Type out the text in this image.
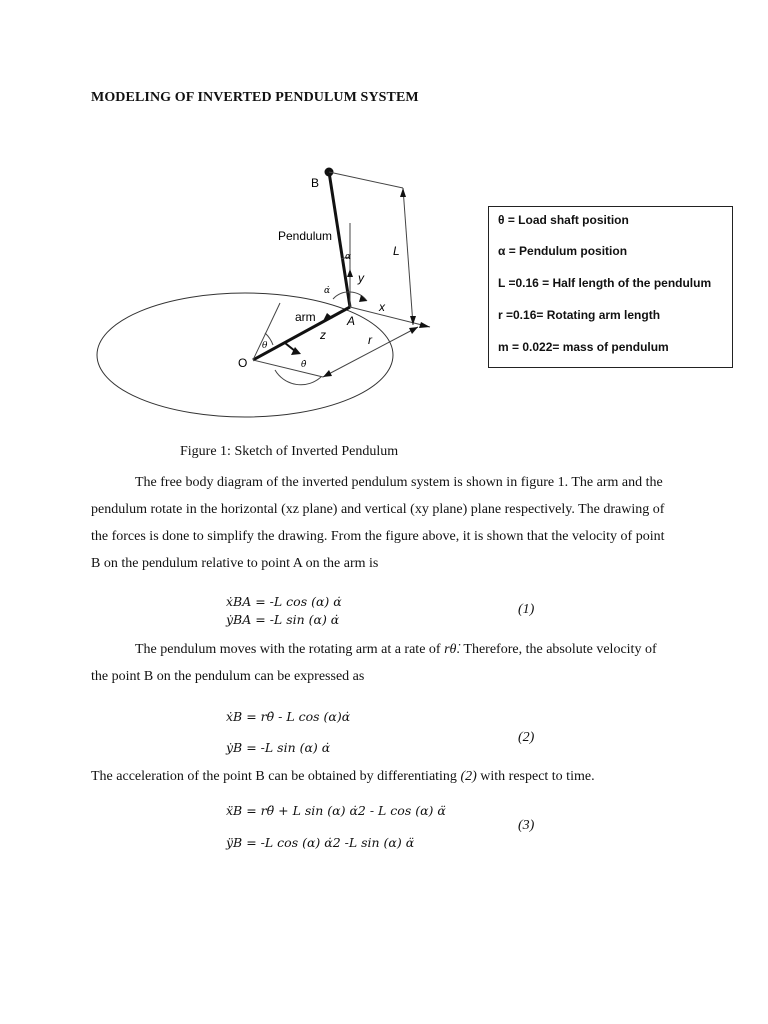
MODELING OF INVERTED PENDULUM SYSTEM
B
Pendulum
α
α̇
y
L
arm	A
x
z
θ	r
O	θ̇
θ = Load shaft position
α = Pendulum position
L =0.16 = Half length of the pendulum
r =0.16= Rotating arm length
m = 0.022= mass of pendulum
Figure 1: Sketch of Inverted Pendulum
The free body diagram of the inverted pendulum system is shown in figure 1. The arm and the pendulum rotate in the horizontal (xz plane) and vertical (xy plane) plane respectively. The drawing of the forces is done to simplify the drawing. From the figure above, it is shown that the velocity of point B on the pendulum relative to point A on the arm is
ẋBA = -L cos (α) α̇
ẏBA = -L sin (α) α̇
(1)
The pendulum moves with the rotating arm at a rate of rθ̇. Therefore, the absolute velocity of the point B on the pendulum can be expressed as
ẋB = rθ̇ - L cos (α)α̇
ẏB = -L sin (α) α̇
(2)
The acceleration of the point B can be obtained by differentiating (2) with respect to time.
ẍB = rθ̈ + L sin (α) α̇2 - L cos (α) α̈
ÿB = -L cos (α) α̇2 -L sin (α) α̈
(3)
